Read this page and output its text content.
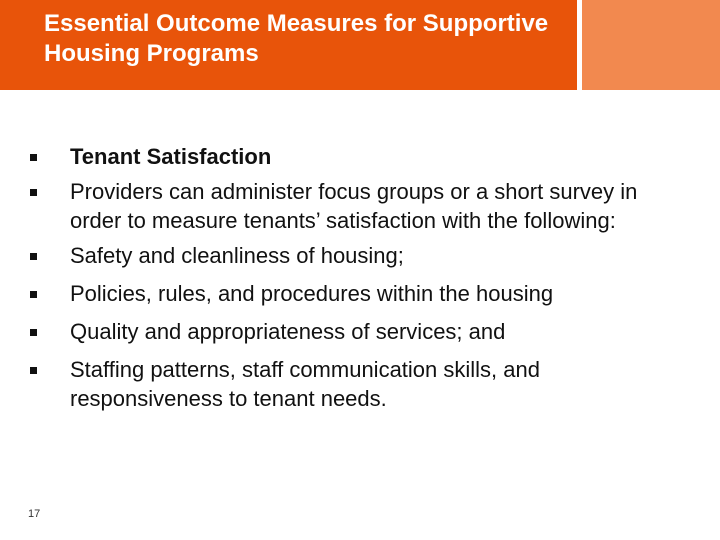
Essential Outcome Measures for Supportive Housing Programs
Tenant Satisfaction
Providers can administer focus groups or a short survey in order to measure tenants’ satisfaction with the following:
Safety and cleanliness of housing;
Policies, rules, and procedures within the housing
Quality and appropriateness of services; and
Staffing patterns, staff communication skills, and responsiveness to tenant needs.
17
